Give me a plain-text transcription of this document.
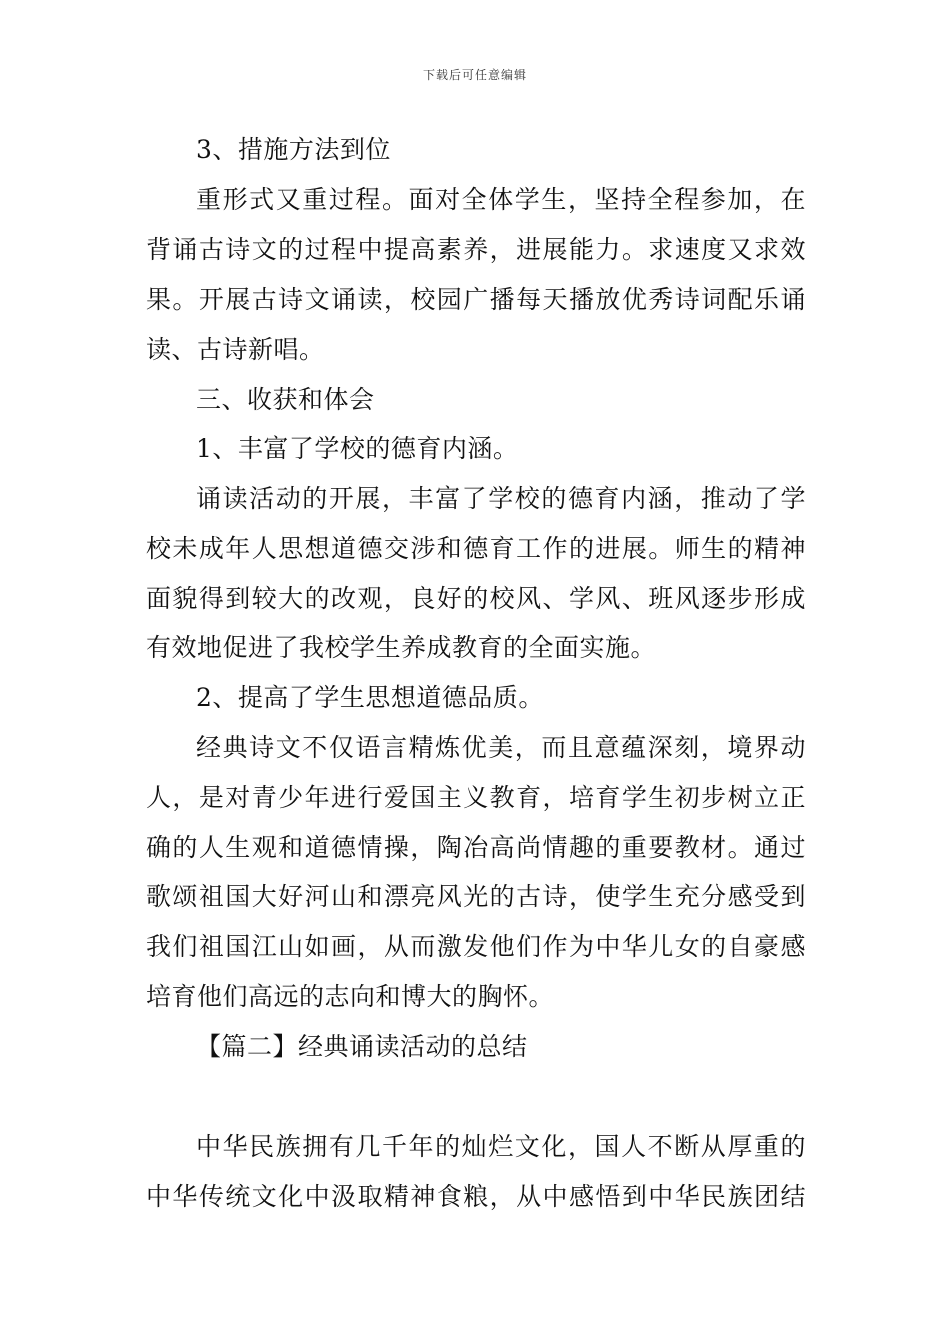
下载后可任意编辑
3、措施方法到位
重形式又重过程。面对全体学生，坚持全程参加，在
背诵古诗文的过程中提高素养，进展能力。求速度又求效
果。开展古诗文诵读，校园广播每天播放优秀诗词配乐诵
读、古诗新唱。
三、收获和体会
1、丰富了学校的德育内涵。
诵读活动的开展，丰富了学校的德育内涵，推动了学
校未成年人思想道德交涉和德育工作的进展。师生的精神
面貌得到较大的改观，良好的校风、学风、班风逐步形成
有效地促进了我校学生养成教育的全面实施。
2、提高了学生思想道德品质。
经典诗文不仅语言精炼优美，而且意蕴深刻，境界动
人，是对青少年进行爱国主义教育，培育学生初步树立正
确的人生观和道德情操，陶冶高尚情趣的重要教材。通过
歌颂祖国大好河山和漂亮风光的古诗，使学生充分感受到
我们祖国江山如画，从而激发他们作为中华儿女的自豪感
培育他们高远的志向和博大的胸怀。
【篇二】经典诵读活动的总结
中华民族拥有几千年的灿烂文化，国人不断从厚重的
中华传统文化中汲取精神食粮，从中感悟到中华民族团结
